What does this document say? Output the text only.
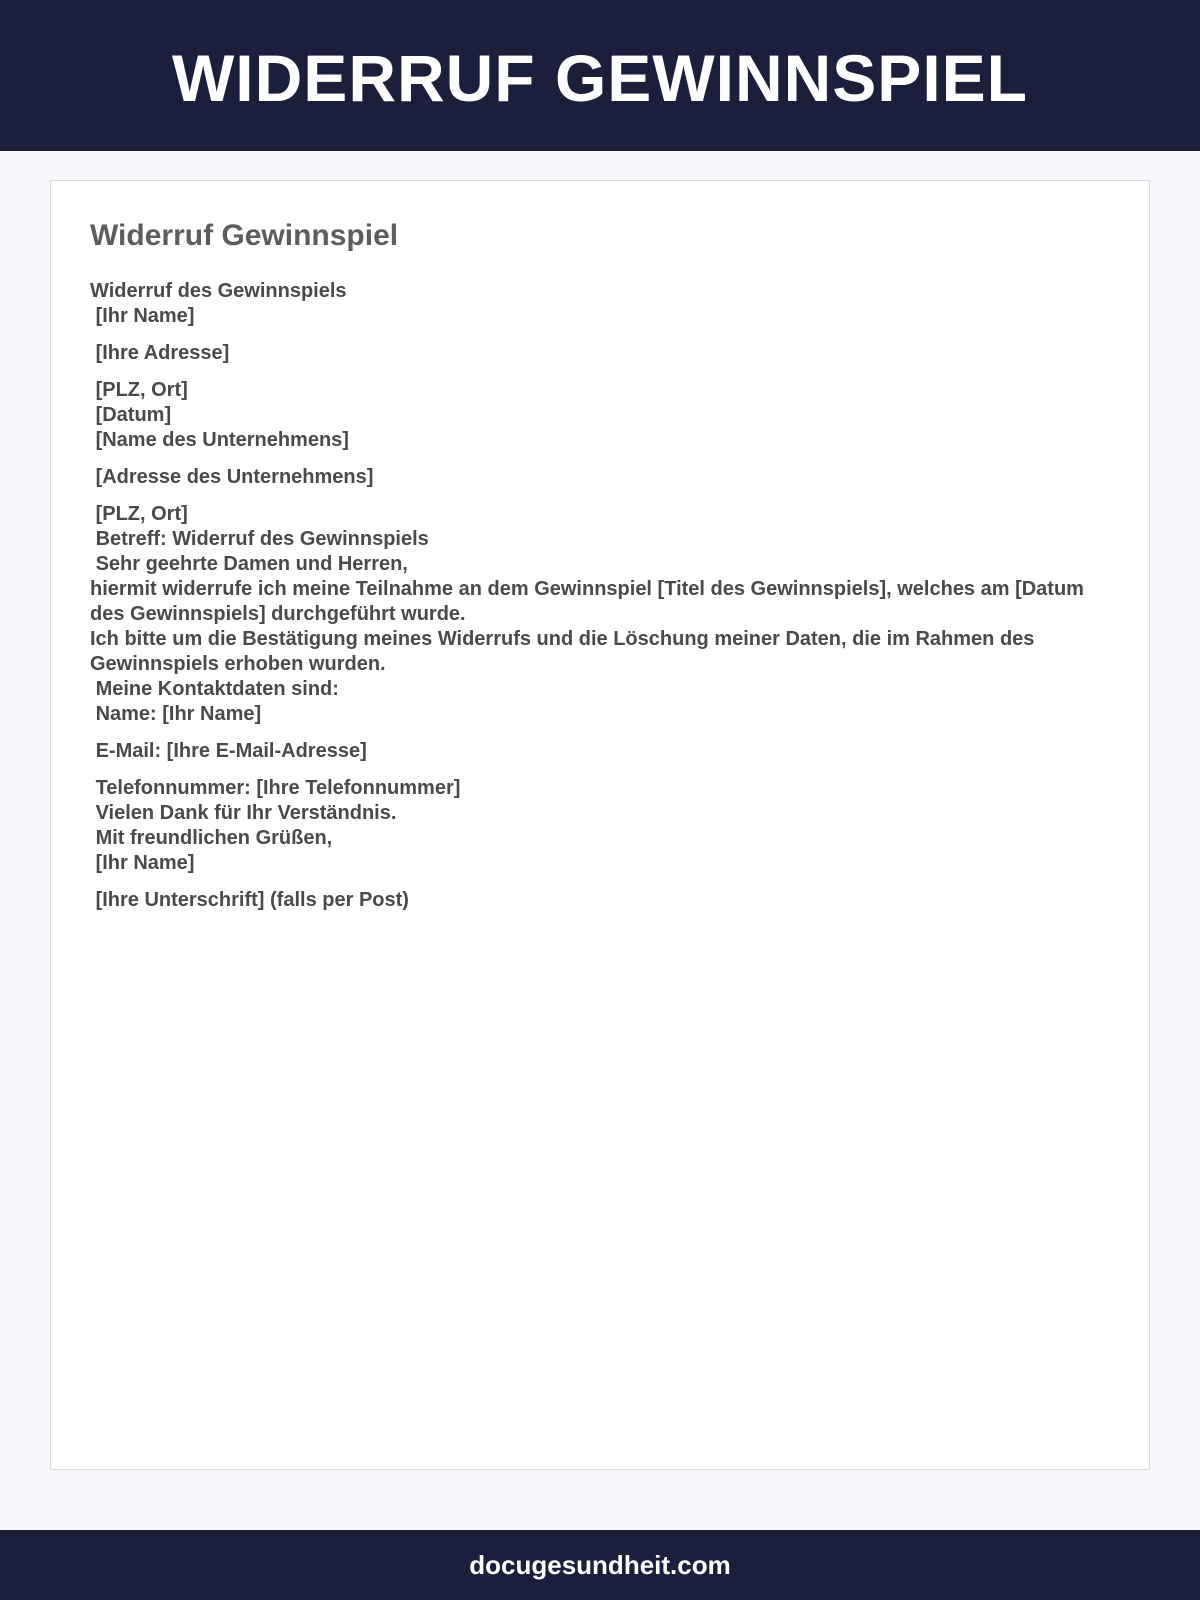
WIDERRUF GEWINNSPIEL
Widerruf Gewinnspiel
Widerruf des Gewinnspiels
[Ihr Name]
[Ihre Adresse]
[PLZ, Ort]
[Datum]
[Name des Unternehmens]
[Adresse des Unternehmens]
[PLZ, Ort]
Betreff: Widerruf des Gewinnspiels
Sehr geehrte Damen und Herren,
hiermit widerrufe ich meine Teilnahme an dem Gewinnspiel [Titel des Gewinnspiels], welches am [Datum des Gewinnspiels] durchgeführt wurde.
Ich bitte um die Bestätigung meines Widerrufs und die Löschung meiner Daten, die im Rahmen des Gewinnspiels erhoben wurden.
Meine Kontaktdaten sind:
Name: [Ihr Name]
E-Mail: [Ihre E-Mail-Adresse]
Telefonnummer: [Ihre Telefonnummer]
Vielen Dank für Ihr Verständnis.
Mit freundlichen Grüßen,
[Ihr Name]
[Ihre Unterschrift] (falls per Post)
docugesundheit.com
